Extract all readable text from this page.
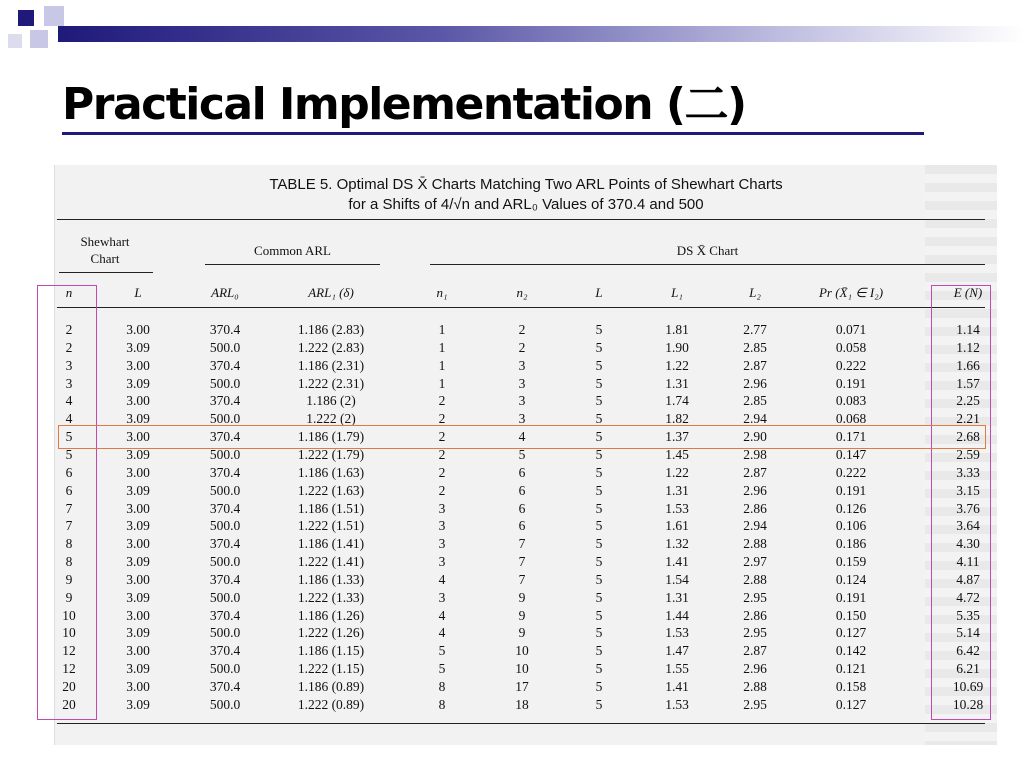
Practical Implementation (二)
TABLE 5. Optimal DS X̄ Charts Matching Two ARL Points of Shewhart Charts
for a Shifts of 4/√n and ARL₀ Values of 370.4 and 500
Shewhart Chart
Common ARL	DS X̄ Chart
n	L	ARL₀	ARL₁ (δ)	n₁	n₂	L	L₁	L₂	Pr (X̄₁ ∈ I₂)	E (N)
2	3.00	370.4	1.186 (2.83)	1	2	5	1.81	2.77	0.071	1.14
2	3.09	500.0	1.222 (2.83)	1	2	5	1.90	2.85	0.058	1.12
3	3.00	370.4	1.186 (2.31)	1	3	5	1.22	2.87	0.222	1.66
3	3.09	500.0	1.222 (2.31)	1	3	5	1.31	2.96	0.191	1.57
4	3.00	370.4	1.186 (2)	2	3	5	1.74	2.85	0.083	2.25
4	3.09	500.0	1.222 (2)	2	3	5	1.82	2.94	0.068	2.21
5	3.00	370.4	1.186 (1.79)	2	4	5	1.37	2.90	0.171	2.68
5	3.09	500.0	1.222 (1.79)	2	5	5	1.45	2.98	0.147	2.59
6	3.00	370.4	1.186 (1.63)	2	6	5	1.22	2.87	0.222	3.33
6	3.09	500.0	1.222 (1.63)	2	6	5	1.31	2.96	0.191	3.15
7	3.00	370.4	1.186 (1.51)	3	6	5	1.53	2.86	0.126	3.76
7	3.09	500.0	1.222 (1.51)	3	6	5	1.61	2.94	0.106	3.64
8	3.00	370.4	1.186 (1.41)	3	7	5	1.32	2.88	0.186	4.30
8	3.09	500.0	1.222 (1.41)	3	7	5	1.41	2.97	0.159	4.11
9	3.00	370.4	1.186 (1.33)	4	7	5	1.54	2.88	0.124	4.87
9	3.09	500.0	1.222 (1.33)	3	9	5	1.31	2.95	0.191	4.72
10	3.00	370.4	1.186 (1.26)	4	9	5	1.44	2.86	0.150	5.35
10	3.09	500.0	1.222 (1.26)	4	9	5	1.53	2.95	0.127	5.14
12	3.00	370.4	1.186 (1.15)	5	10	5	1.47	2.87	0.142	6.42
12	3.09	500.0	1.222 (1.15)	5	10	5	1.55	2.96	0.121	6.21
20	3.00	370.4	1.186 (0.89)	8	17	5	1.41	2.88	0.158	10.69
20	3.09	500.0	1.222 (0.89)	8	18	5	1.53	2.95	0.127	10.28
